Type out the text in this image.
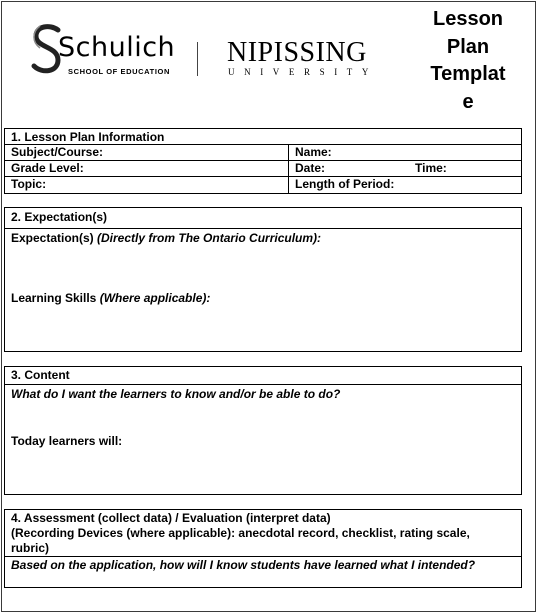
Schulich
SCHOOL OF EDUCATION
NIPISSING
UNIVERSITY
Lesson
Plan
Templat
e
1. Lesson Plan Information
Subject/Course:	Name:
Grade Level:	Date:	Time:
Topic:	Length of Period:
2. Expectation(s)
Expectation(s) (Directly from The Ontario Curriculum):
Learning Skills (Where applicable):
3. Content
What do I want the learners to know and/or be able to do?
Today learners will:
4. Assessment (collect data) / Evaluation (interpret data)
(Recording Devices (where applicable): anecdotal record, checklist, rating scale,
rubric)
Based on the application, how will I know students have learned what I intended?
